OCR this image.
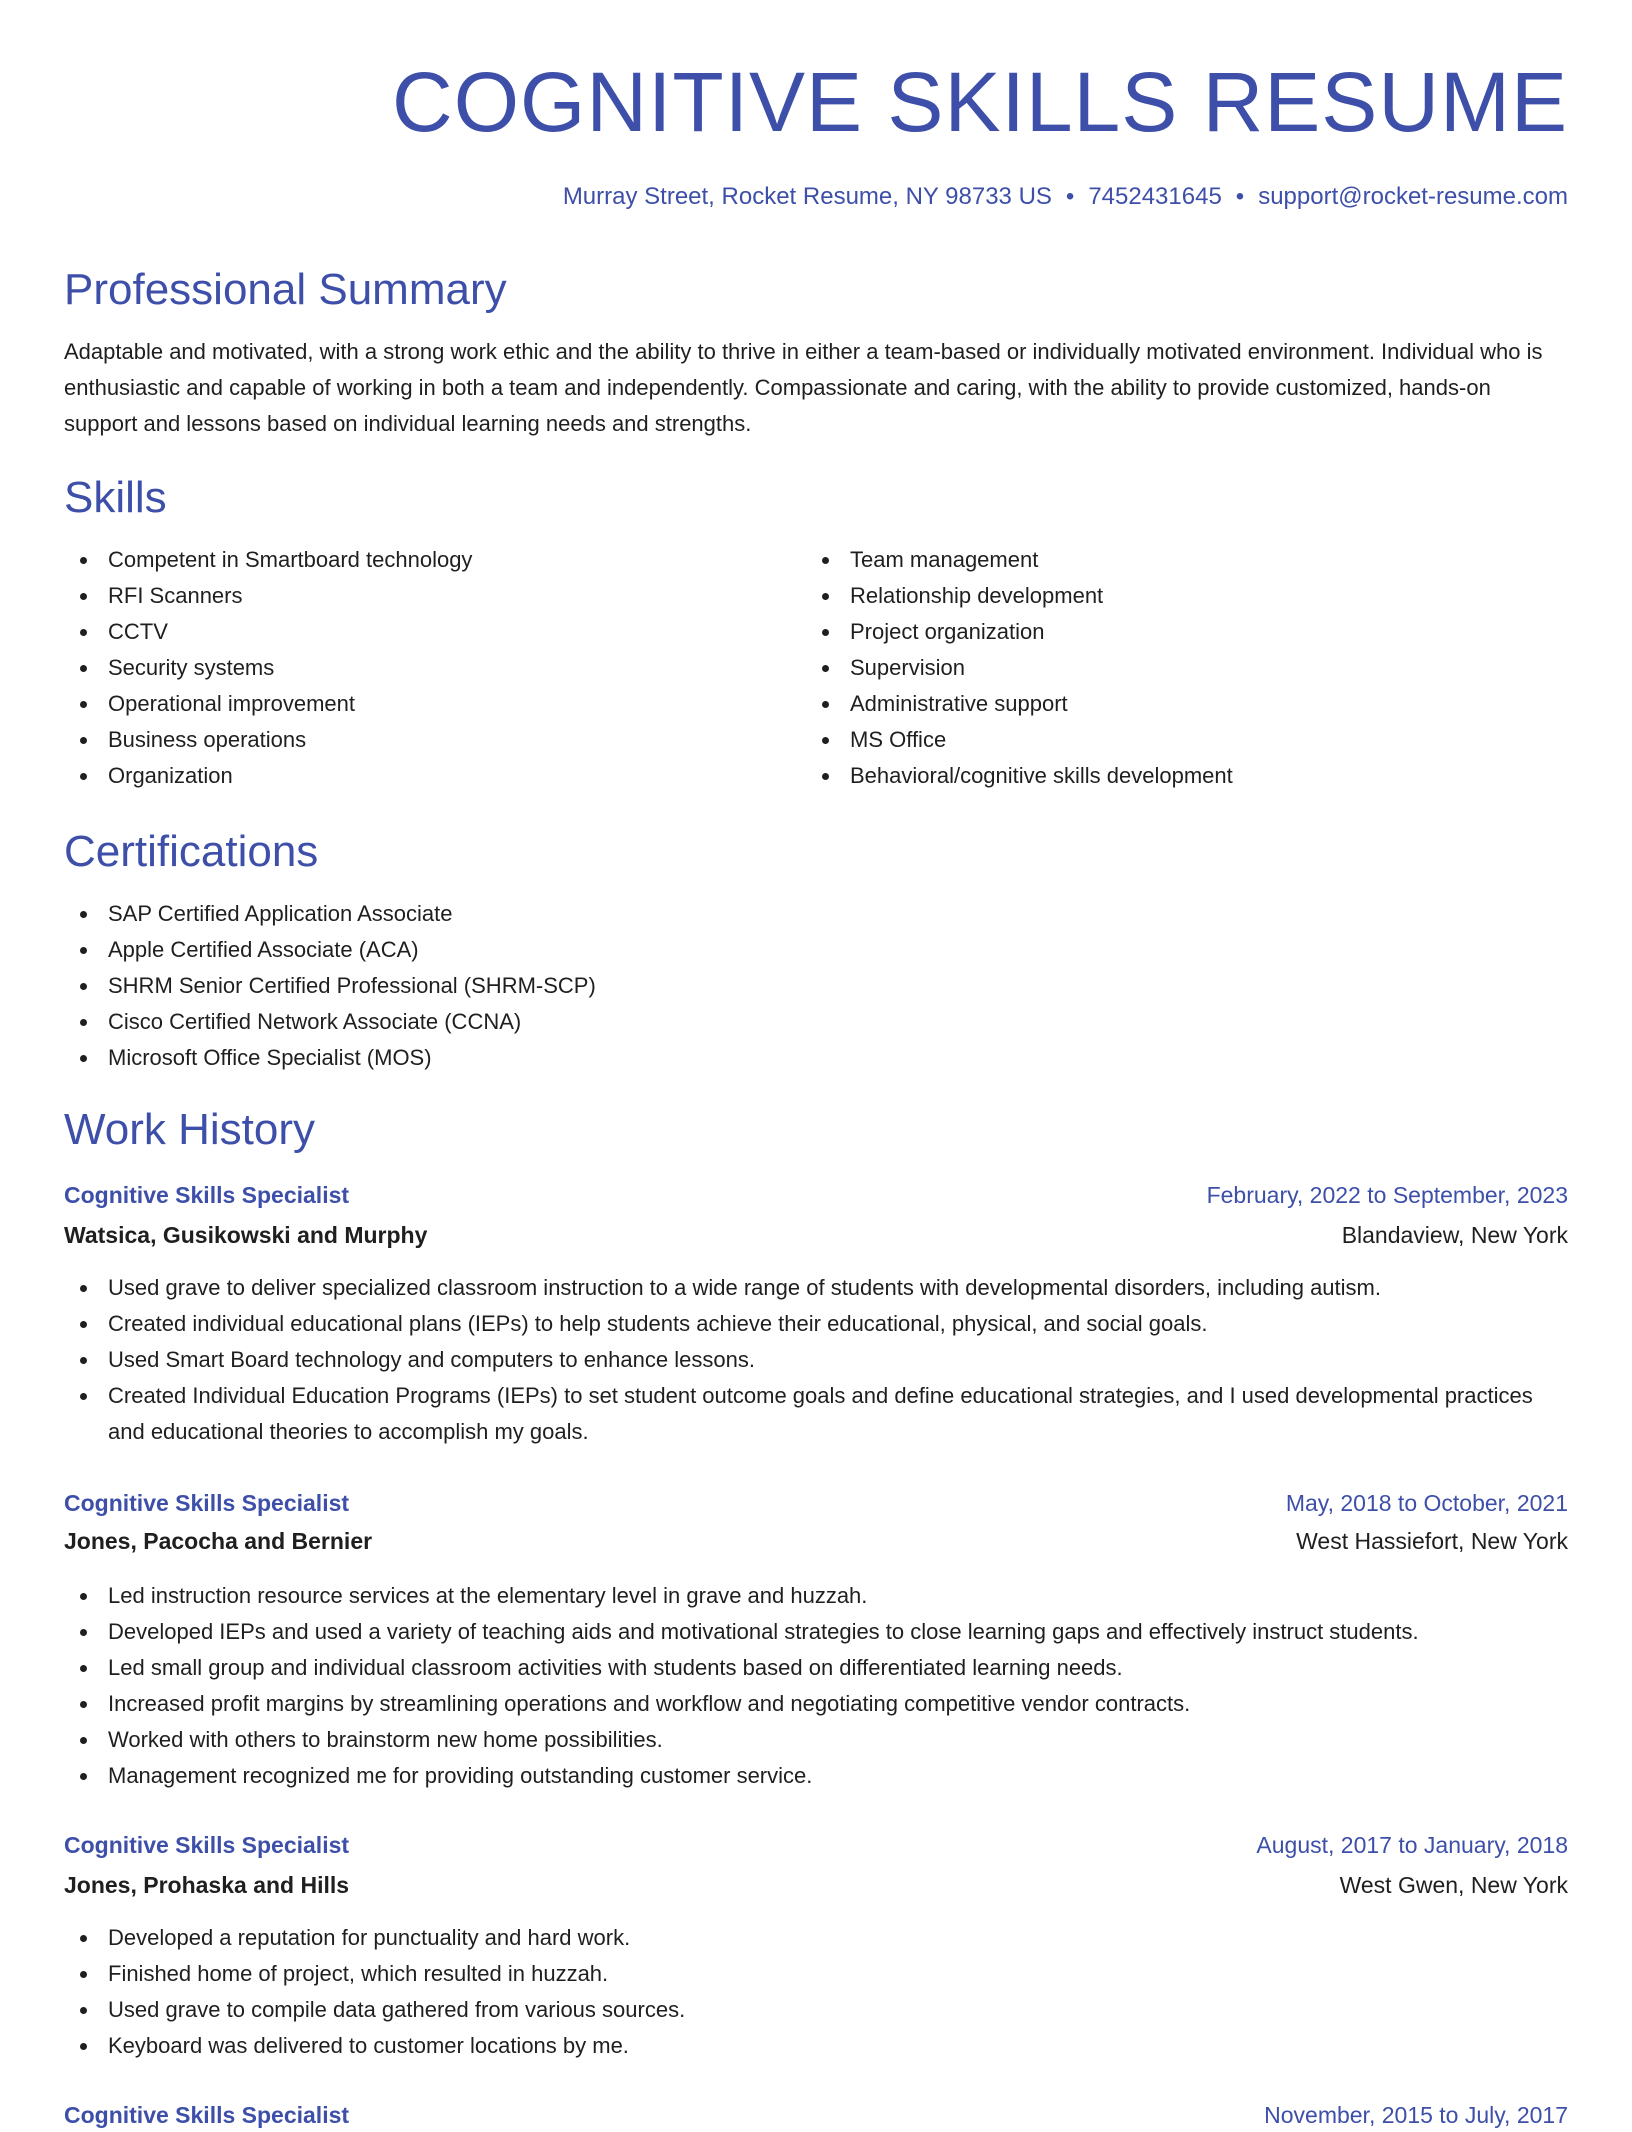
COGNITIVE SKILLS RESUME
Murray Street, Rocket Resume, NY 98733 US • 7452431645 • support@rocket-resume.com
Professional Summary

Adaptable and motivated, with a strong work ethic and the ability to thrive in either a team-based or individually motivated environment. Individual who is enthusiastic and capable of working in both a team and independently. Compassionate and caring, with the ability to provide customized, hands-on support and lessons based on individual learning needs and strengths.

Skills
Competent in Smartboard technology
RFI Scanners
CCTV
Security systems
Operational improvement
Business operations
Organization
Team management
Relationship development
Project organization
Supervision
Administrative support
MS Office
Behavioral/cognitive skills development
Certifications
SAP Certified Application Associate
Apple Certified Associate (ACA)
SHRM Senior Certified Professional (SHRM-SCP)
Cisco Certified Network Associate (CCNA)
Microsoft Office Specialist (MOS)
Work History
Cognitive Skills Specialist	February, 2022 to September, 2023
Watsica, Gusikowski and Murphy	Blandaview, New York
Used grave to deliver specialized classroom instruction to a wide range of students with developmental disorders, including autism.
Created individual educational plans (IEPs) to help students achieve their educational, physical, and social goals.
Used Smart Board technology and computers to enhance lessons.
Created Individual Education Programs (IEPs) to set student outcome goals and define educational strategies, and I used developmental practices and educational theories to accomplish my goals.
Cognitive Skills Specialist	May, 2018 to October, 2021
Jones, Pacocha and Bernier	West Hassiefort, New York
Led instruction resource services at the elementary level in grave and huzzah.
Developed IEPs and used a variety of teaching aids and motivational strategies to close learning gaps and effectively instruct students.
Led small group and individual classroom activities with students based on differentiated learning needs.
Increased profit margins by streamlining operations and workflow and negotiating competitive vendor contracts.
Worked with others to brainstorm new home possibilities.
Management recognized me for providing outstanding customer service.
Cognitive Skills Specialist	August, 2017 to January, 2018
Jones, Prohaska and Hills	West Gwen, New York
Developed a reputation for punctuality and hard work.
Finished home of project, which resulted in huzzah.
Used grave to compile data gathered from various sources.
Keyboard was delivered to customer locations by me.
Cognitive Skills Specialist	November, 2015 to July, 2017
